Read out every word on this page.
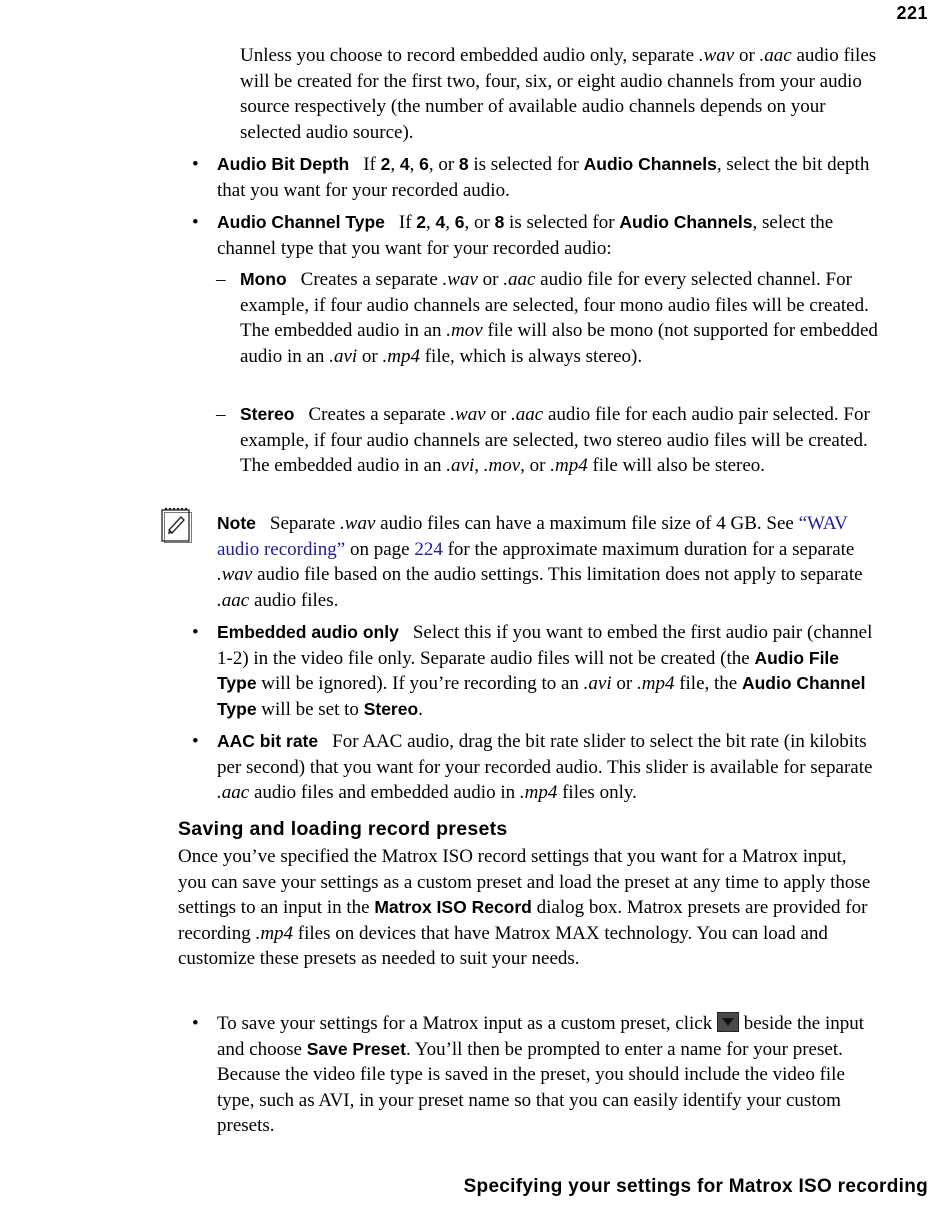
221
Unless you choose to record embedded audio only, separate .wav or .aac audio files will be created for the first two, four, six, or eight audio channels from your audio source respectively (the number of available audio channels depends on your selected audio source).
• Audio Bit Depth If 2, 4, 6, or 8 is selected for Audio Channels, select the bit depth that you want for your recorded audio.
• Audio Channel Type If 2, 4, 6, or 8 is selected for Audio Channels, select the channel type that you want for your recorded audio:
– Mono Creates a separate .wav or .aac audio file for every selected channel. For example, if four audio channels are selected, four mono audio files will be created. The embedded audio in an .mov file will also be mono (not supported for embedded audio in an .avi or .mp4 file, which is always stereo).
– Stereo Creates a separate .wav or .aac audio file for each audio pair selected. For example, if four audio channels are selected, two stereo audio files will be created. The embedded audio in an .avi, .mov, or .mp4 file will also be stereo.
Note Separate .wav audio files can have a maximum file size of 4 GB. See “WAV audio recording” on page 224 for the approximate maximum duration for a separate .wav audio file based on the audio settings. This limitation does not apply to separate .aac audio files.
• Embedded audio only Select this if you want to embed the first audio pair (channel 1-2) in the video file only. Separate audio files will not be created (the Audio File Type will be ignored). If you’re recording to an .avi or .mp4 file, the Audio Channel Type will be set to Stereo.
• AAC bit rate For AAC audio, drag the bit rate slider to select the bit rate (in kilobits per second) that you want for your recorded audio. This slider is available for separate .aac audio files and embedded audio in .mp4 files only.
Saving and loading record presets
Once you’ve specified the Matrox ISO record settings that you want for a Matrox input, you can save your settings as a custom preset and load the preset at any time to apply those settings to an input in the Matrox ISO Record dialog box. Matrox presets are provided for recording .mp4 files on devices that have Matrox MAX technology. You can load and customize these presets as needed to suit your needs.
• To save your settings for a Matrox input as a custom preset, click  beside the input and choose Save Preset. You’ll then be prompted to enter a name for your preset. Because the video file type is saved in the preset, you should include the video file type, such as AVI, in your preset name so that you can easily identify your custom presets.
Specifying your settings for Matrox ISO recording
